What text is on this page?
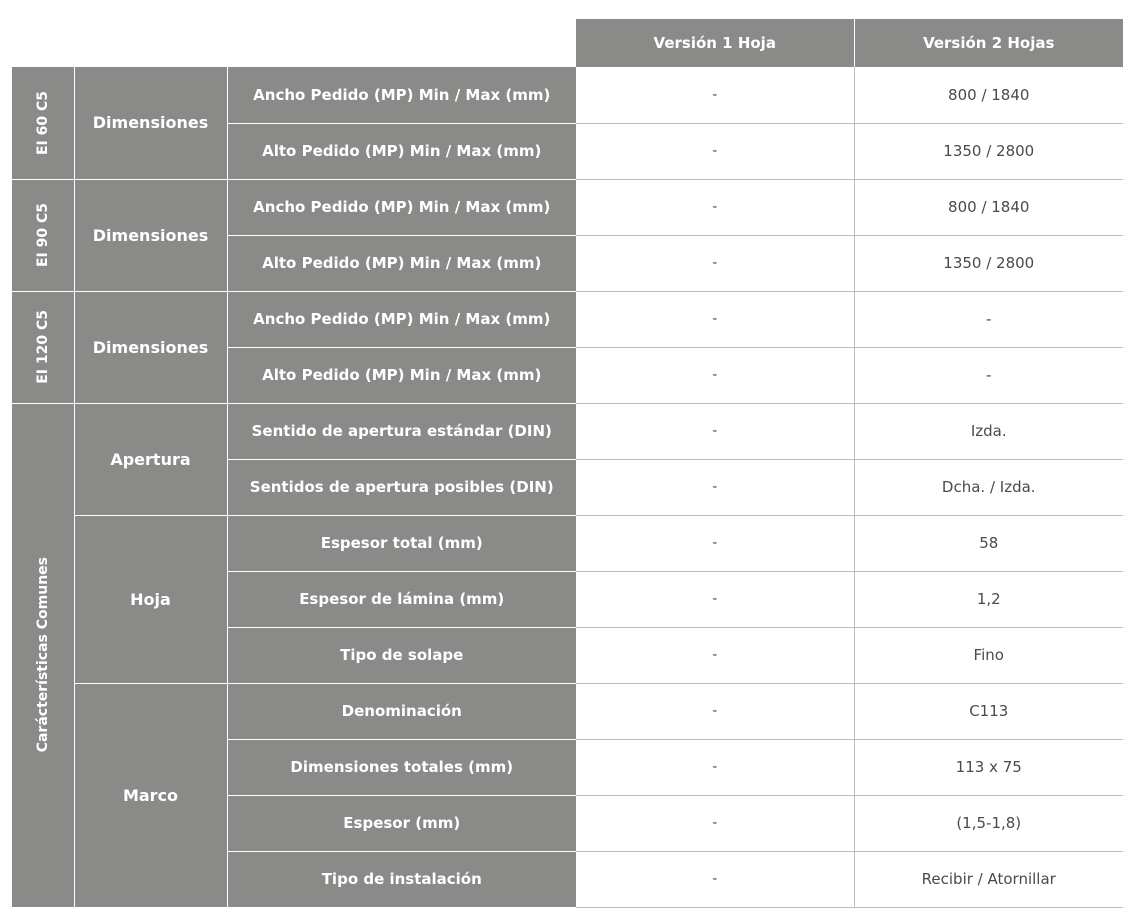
			Versión 1 Hoja	Versión 2 Hojas

EI 60 C5	Dimensiones	Ancho Pedido (MP) Min / Max (mm)	-	800 / 1840
		Alto Pedido (MP) Min / Max (mm)	-	1350 / 2800

EI 90 C5	Dimensiones	Ancho Pedido (MP) Min / Max (mm)	-	800 / 1840
		Alto Pedido (MP) Min / Max (mm)	-	1350 / 2800

EI 120 C5	Dimensiones	Ancho Pedido (MP) Min / Max (mm)	-	-
		Alto Pedido (MP) Min / Max (mm)	-	-

Carácterísticas Comunes	Apertura	Sentido de apertura estándar (DIN)	-	Izda.
		Sentidos de apertura posibles (DIN)	-	Dcha. / Izda.
	Hoja	Espesor total (mm)	-	58
		Espesor de lámina (mm)	-	1,2
		Tipo de solape	-	Fino
	Marco	Denominación	-	C113
		Dimensiones totales (mm)	-	113 x 75
		Espesor (mm)	-	(1,5-1,8)
		Tipo de instalación	-	Recibir / Atornillar
